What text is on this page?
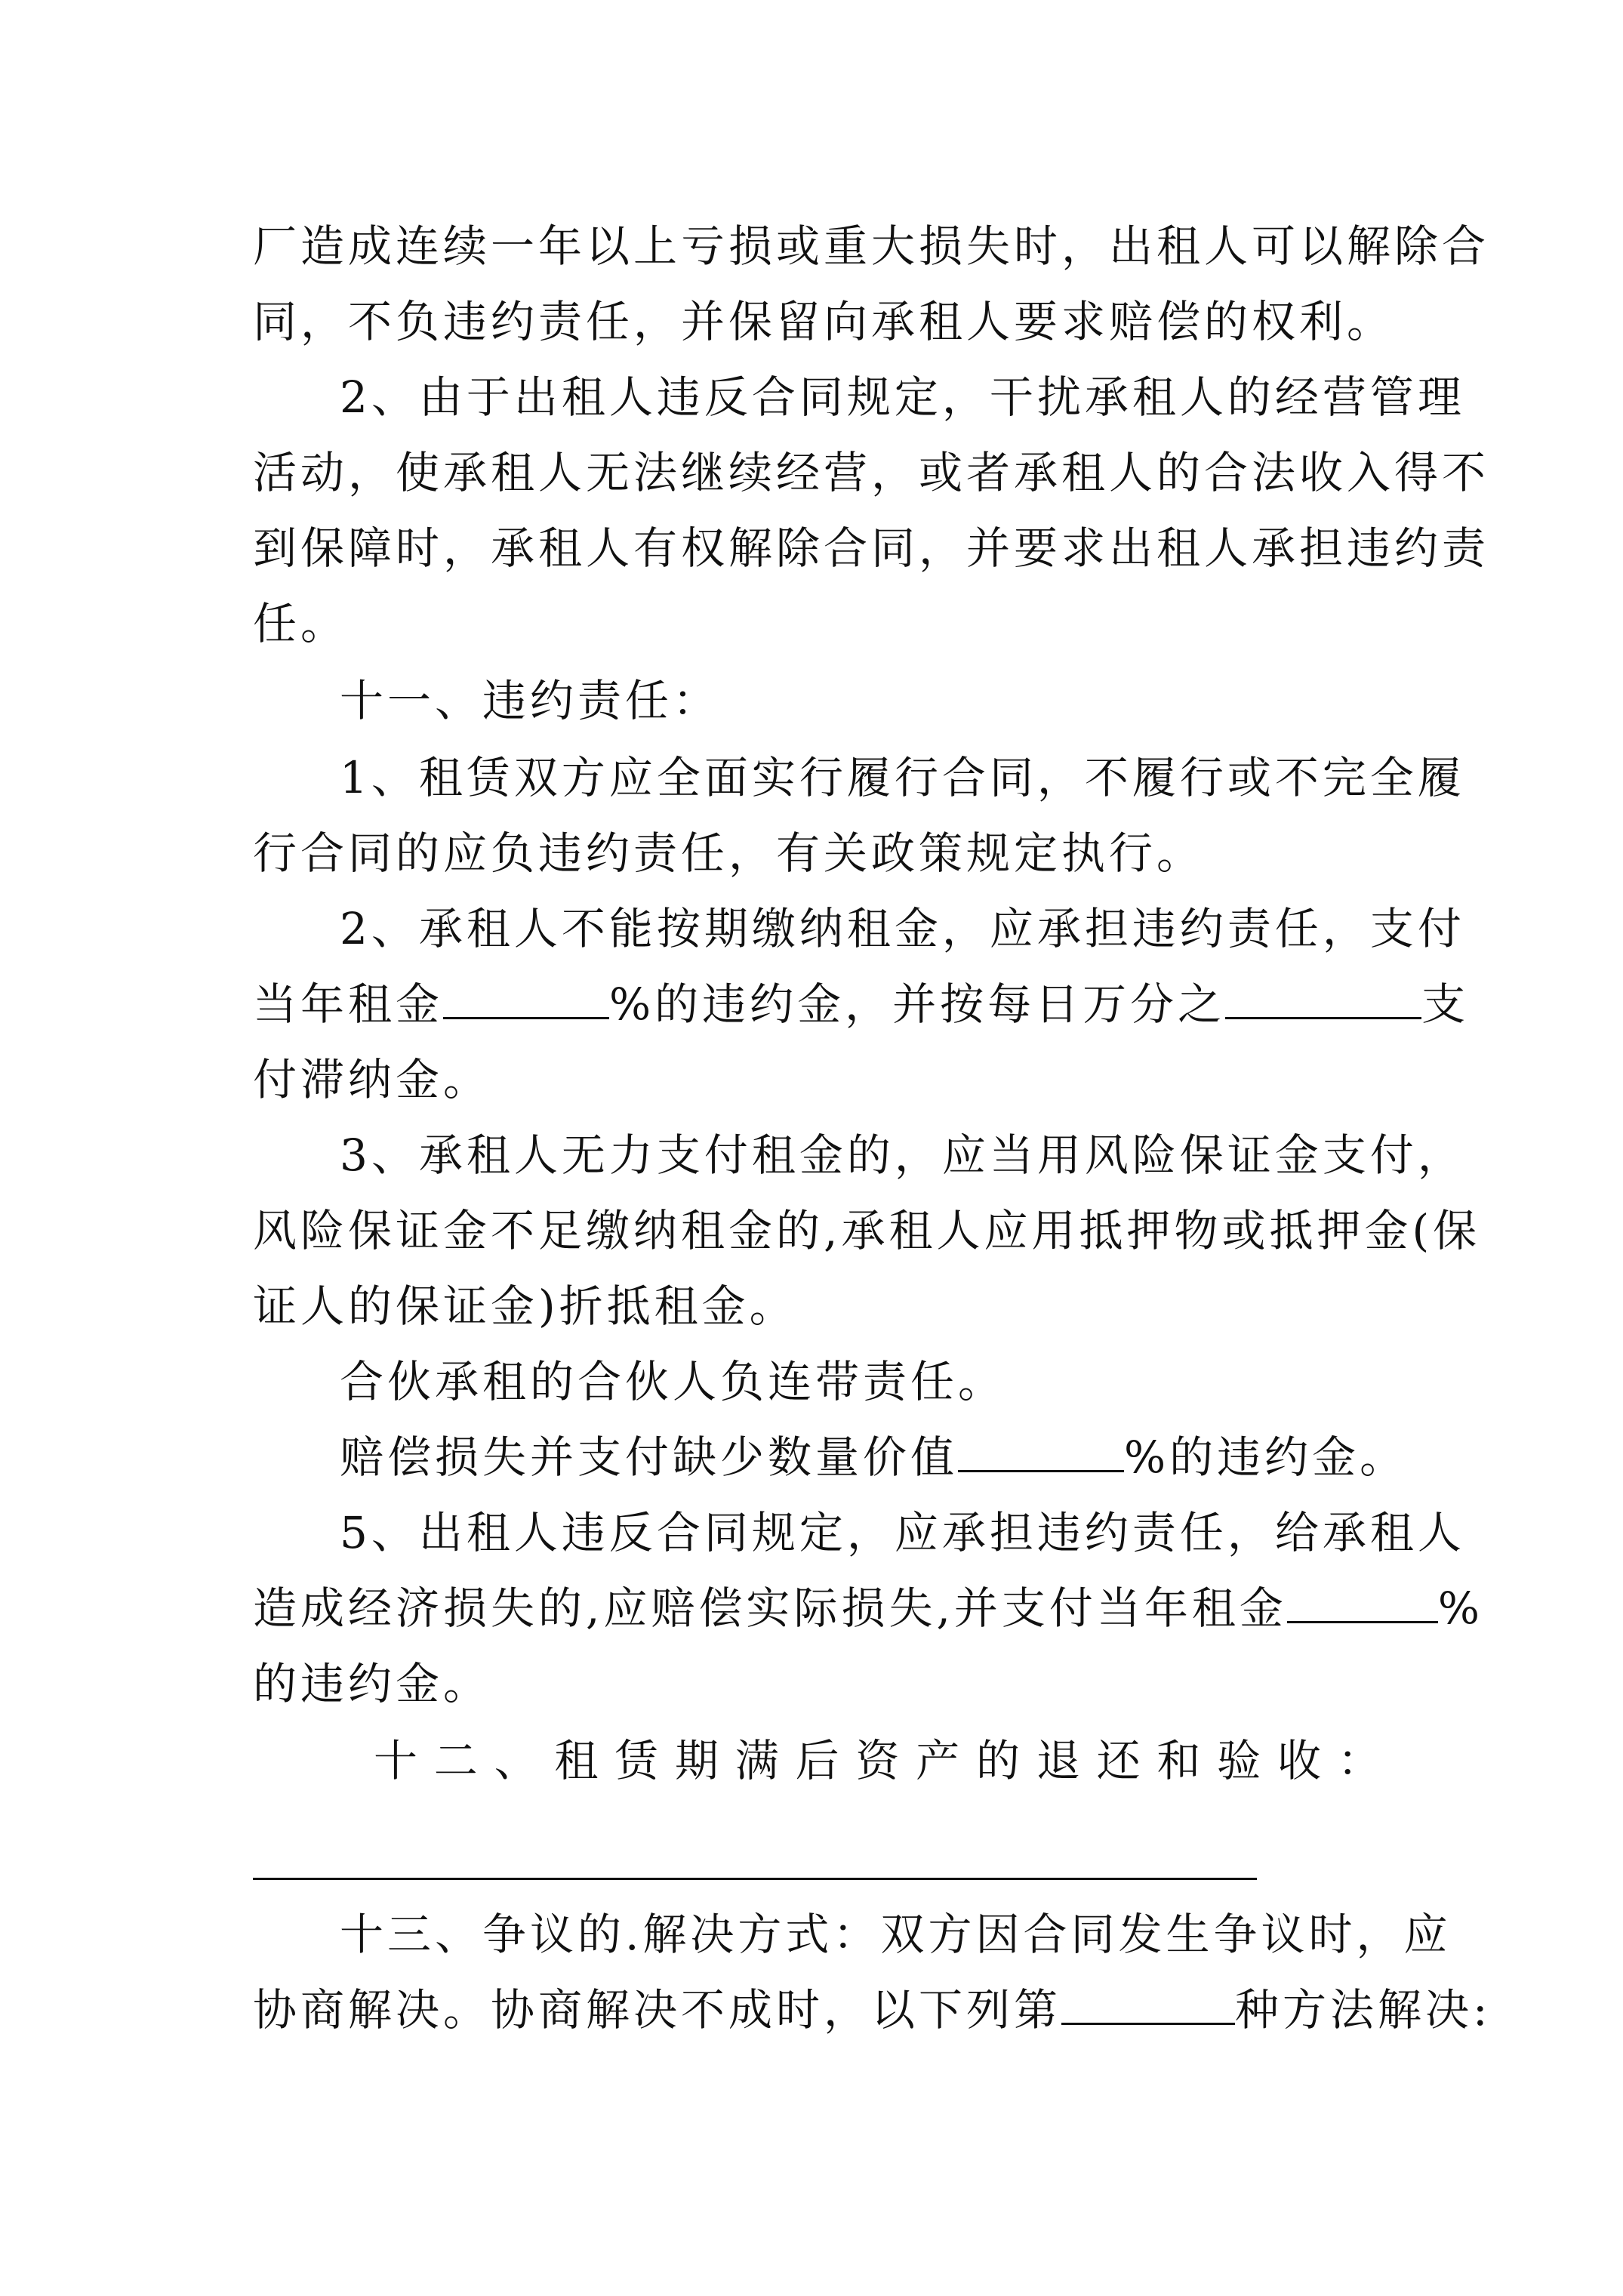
厂造成连续一年以上亏损或重大损失时，出租人可以解除合
同，不负违约责任，并保留向承租人要求赔偿的权利。
2、由于出租人违反合同规定，干扰承租人的经营管理
活动，使承租人无法继续经营，或者承租人的合法收入得不
到保障时，承租人有权解除合同，并要求出租人承担违约责
任。
十一、违约责任：
1、租赁双方应全面实行履行合同，不履行或不完全履
行合同的应负违约责任，有关政策规定执行。
2、承租人不能按期缴纳租金，应承担违约责任，支付
当年租金	%的违约金，并按每日万分之	支
付滞纳金。
3、承租人无力支付租金的，应当用风险保证金支付，
风险保证金不足缴纳租金的,承租人应用抵押物或抵押金(保
证人的保证金)折抵租金。
合伙承租的合伙人负连带责任。
赔偿损失并支付缺少数量价值	%的违约金。
5、出租人违反合同规定，应承担违约责任，给承租人
造成经济损失的,应赔偿实际损失,并支付当年租金	%
的违约金。
十 二 、 租 赁 期 满 后 资 产 的 退 还 和 验 收 ：
十三、争议的.解决方式：双方因合同发生争议时，应
协商解决。协商解决不成时，以下列第	种方法解决:
